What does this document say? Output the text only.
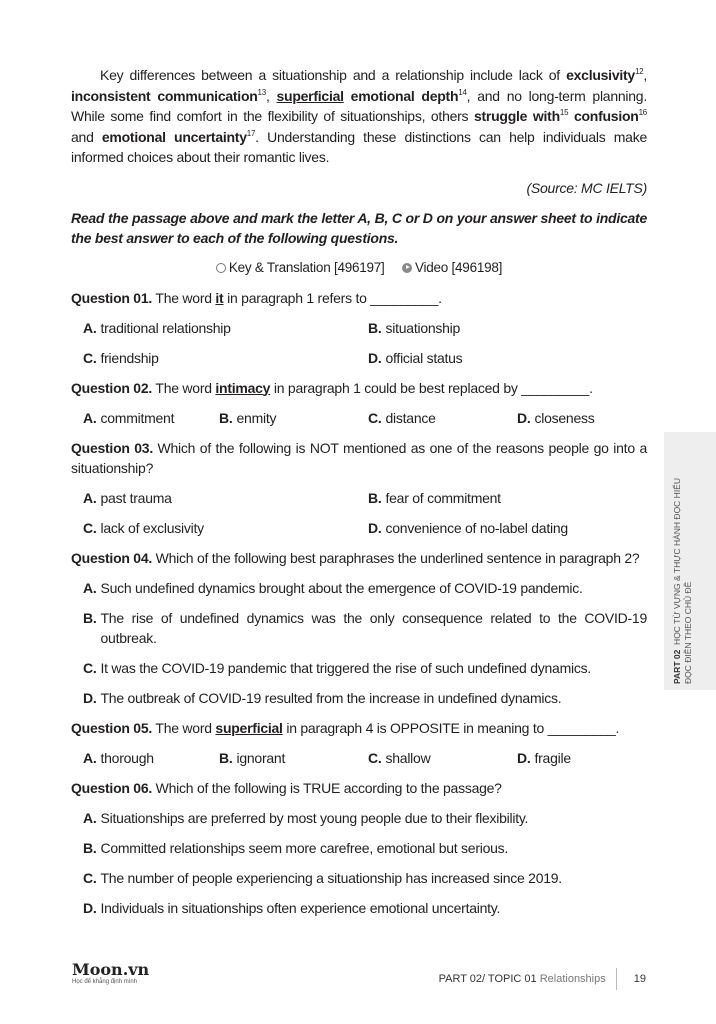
Key differences between a situationship and a relationship include lack of exclusivity$^{12}$, inconsistent communication$^{13}$, superficial emotional depth$^{14}$, and no long-term planning. While some find comfort in the flexibility of situationships, others struggle with$^{15}$ confusion$^{16}$ and emotional uncertainty$^{17}$. Understanding these distinctions can help individuals make informed choices about their romantic lives.

(Source: MC IELTS)
Read the passage above and mark the letter A, B, C or D on your answer sheet to indicate the best answer to each of the following questions.
Key & Translation [496197] Video [496198]
Question 01. The word it in paragraph 1 refers to _________.
A. traditional relationship	B. situationship
C. friendship	D. official status
Question 02. The word intimacy in paragraph 1 could be best replaced by _________.
A. commitment	B. enmity	C. distance	D. closeness
Question 03. Which of the following is NOT mentioned as one of the reasons people go into a situationship?
A. past trauma	B. fear of commitment
C. lack of exclusivity	D. convenience of no-label dating
Question 04. Which of the following best paraphrases the underlined sentence in paragraph 2?
A. Such undefined dynamics brought about the emergence of COVID-19 pandemic.
B. The rise of undefined dynamics was the only consequence related to the COVID-19 outbreak.
C. It was the COVID-19 pandemic that triggered the rise of such undefined dynamics.
D. The outbreak of COVID-19 resulted from the increase in undefined dynamics.
Question 05. The word superficial in paragraph 4 is OPPOSITE in meaning to _________.
A. thorough	B. ignorant	C. shallow	D. fragile
Question 06. Which of the following is TRUE according to the passage?
A. Situationships are preferred by most young people due to their flexibility.
B. Committed relationships seem more carefree, emotional but serious.
C. The number of people experiencing a situationship has increased since 2019.
D. Individuals in situationships often experience emotional uncertainty.
PART 02  HỌC TỪ VỰNG & THỰC HÀNH ĐỌC HIỂU ĐỌC ĐIỀN THEO CHỦ ĐỀ
Moon.vn
Học để khẳng định mình	PART 02/ TOPIC 01
Relationships	19
